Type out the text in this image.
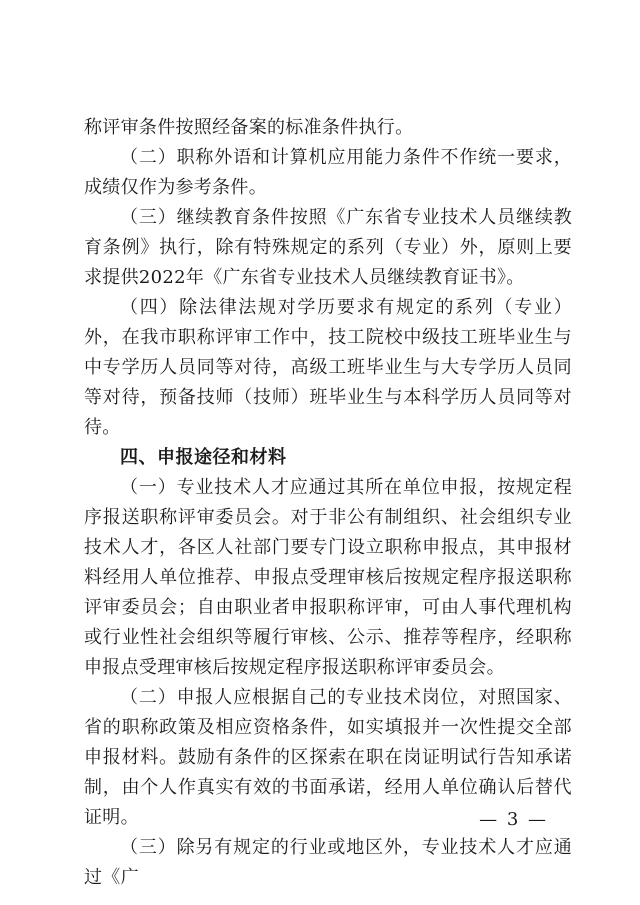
称评审条件按照经备案的标准条件执行。

（二）职称外语和计算机应用能力条件不作统一要求，成绩仅作为参考条件。

（三）继续教育条件按照《广东省专业技术人员继续教育条例》执行，除有特殊规定的系列（专业）外，原则上要求提供2022年《广东省专业技术人员继续教育证书》。

（四）除法律法规对学历要求有规定的系列（专业）外，在我市职称评审工作中，技工院校中级技工班毕业生与中专学历人员同等对待，高级工班毕业生与大专学历人员同等对待，预备技师（技师）班毕业生与本科学历人员同等对待。

四、申报途径和材料

（一）专业技术人才应通过其所在单位申报，按规定程序报送职称评审委员会。对于非公有制组织、社会组织专业技术人才，各区人社部门要专门设立职称申报点，其申报材料经用人单位推荐、申报点受理审核后按规定程序报送职称评审委员会；自由职业者申报职称评审，可由人事代理机构或行业性社会组织等履行审核、公示、推荐等程序，经职称申报点受理审核后按规定程序报送职称评审委员会。

（二）申报人应根据自己的专业技术岗位，对照国家、省的职称政策及相应资格条件，如实填报并一次性提交全部申报材料。鼓励有条件的区探索在职在岗证明试行告知承诺制，由个人作真实有效的书面承诺，经用人单位确认后替代证明。

（三）除另有规定的行业或地区外，专业技术人才应通过《广

— 3 —
